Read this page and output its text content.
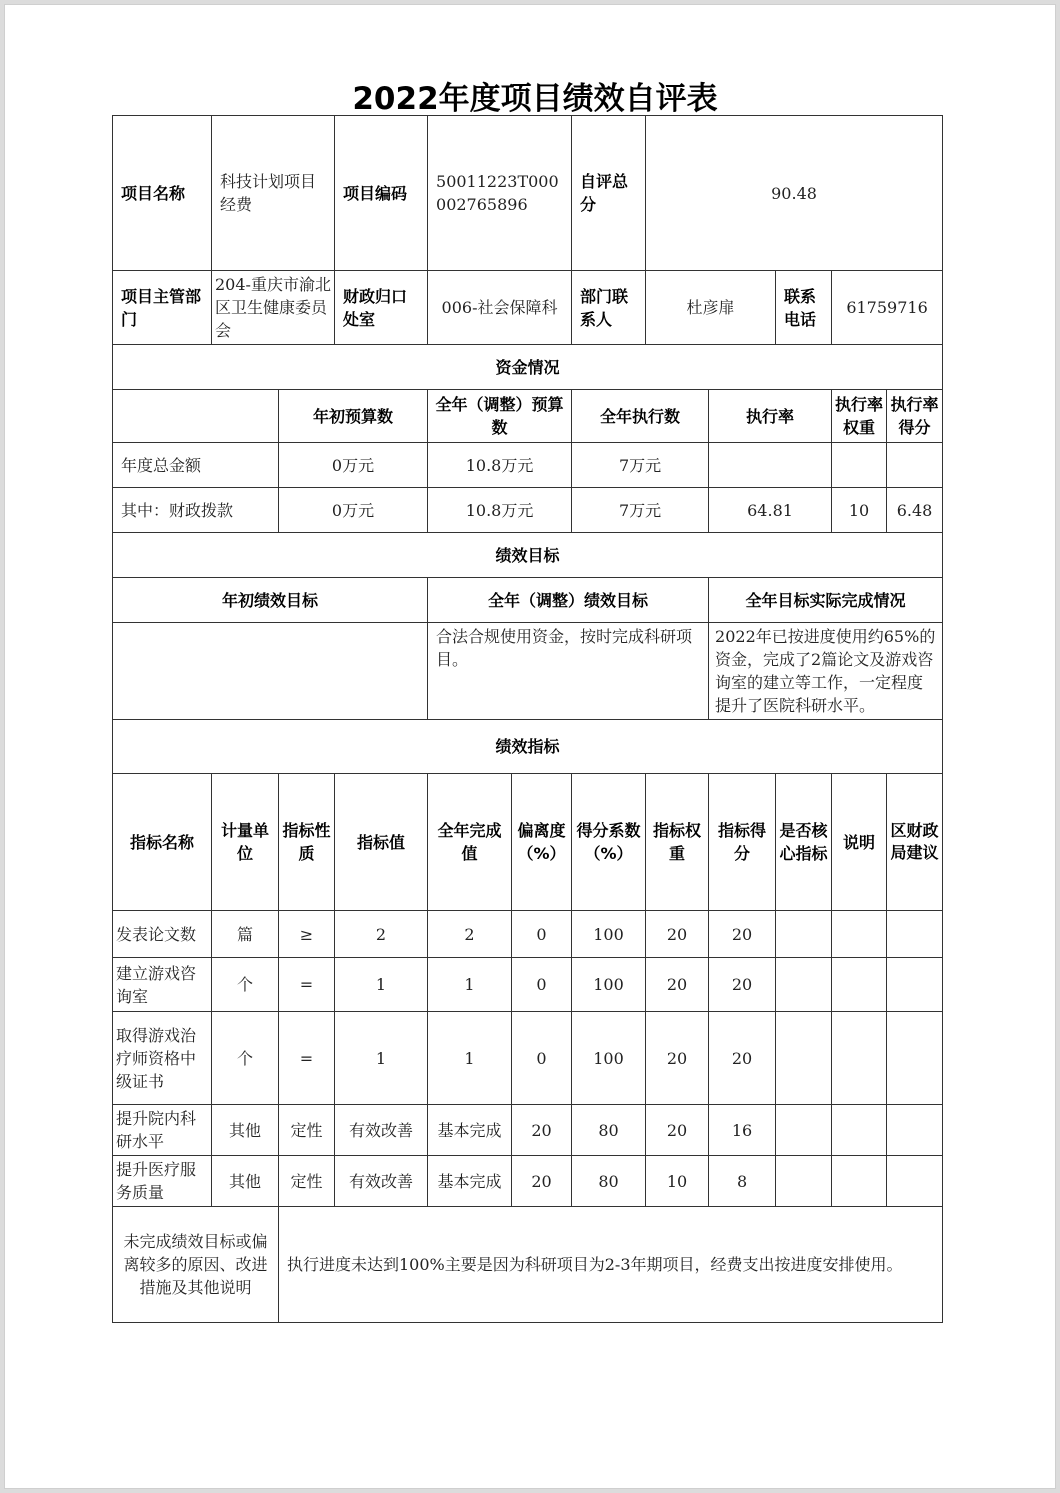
2022年度项目绩效自评表
项目名称	科技计划项目经费		项目编码	50011223T000002765896		自评总分	90.48				
项目主管部门	204-重庆市渝北区卫生健康委员会		财政归口处室	006-社会保障科		部门联系人	杜彦扉		联系电话	61759716	
资金情况											
		年初预算数		全年（调整）预算数		全年执行数		执行率		执行率权重	执行率得分
年度总金额		0万元		10.8万元		7万元					
其中：财政拨款		0万元		10.8万元		7万元		64.81		10	6.48
绩效目标											
年初绩效目标				全年（调整）绩效目标				全年目标实际完成情况			
				合法合规使用资金，按时完成科研项目。				2022年已按进度使用约65%的资金，完成了2篇论文及游戏咨询室的建立等工作，一定程度提升了医院科研水平。			
绩效指标											
指标名称	计量单位	指标性质	指标值	全年完成值	偏离度（%）	得分系数（%）	指标权重	指标得分	是否核心指标	说明	区财政局建议
发表论文数	篇	≥	2	2	0	100	20	20			
建立游戏咨询室	个	=	1	1	0	100	20	20			
取得游戏治疗师资格中级证书	个	=	1	1	0	100	20	20			
提升院内科研水平	其他	定性	有效改善	基本完成	20	80	20	16			
提升医疗服务质量	其他	定性	有效改善	基本完成	20	80	10	8			
未完成绩效目标或偏离较多的原因、改进措施及其他说明		执行进度未达到100%主要是因为科研项目为2-3年期项目，经费支出按进度安排使用。									
